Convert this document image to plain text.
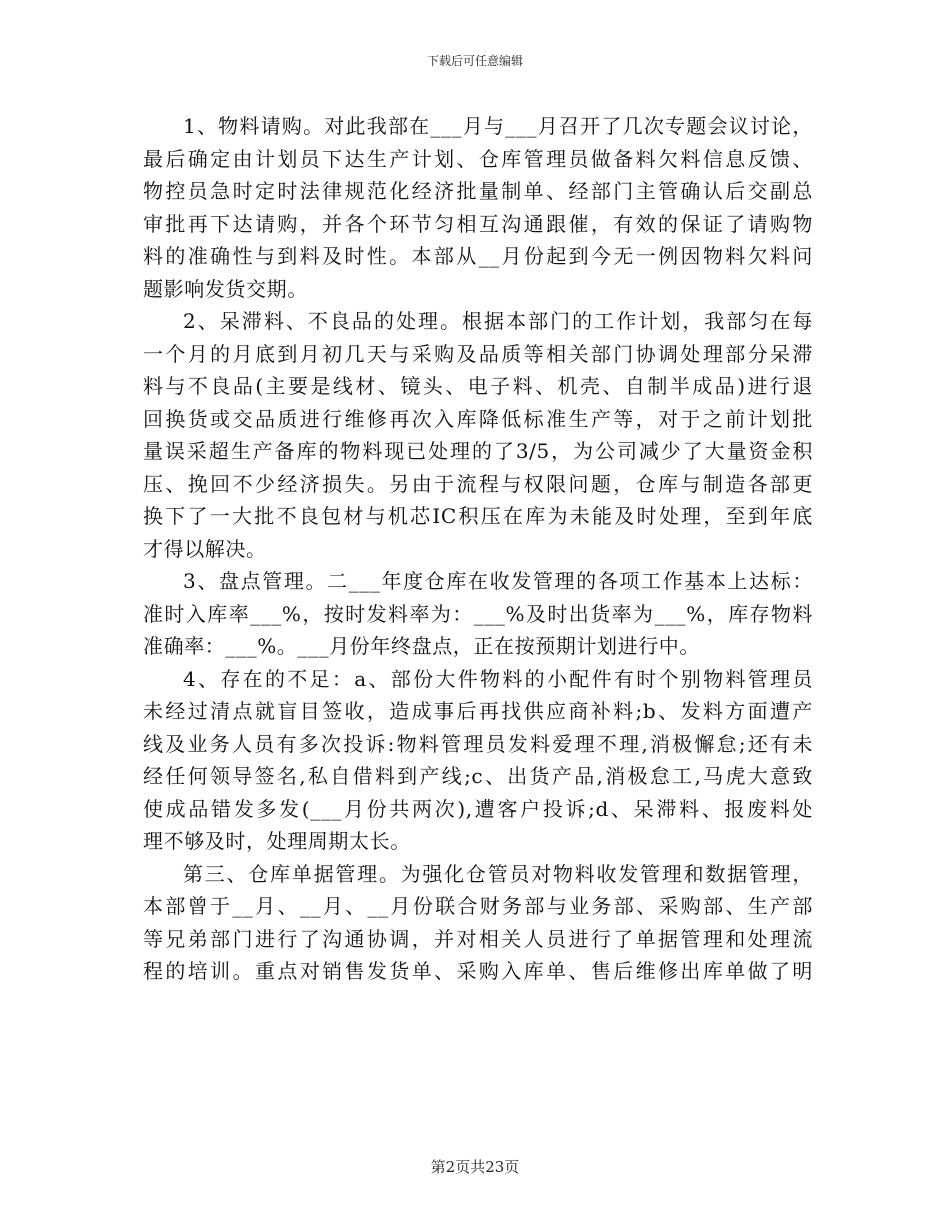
下载后可任意编辑
1、物料请购。对此我部在___月与___月召开了几次专题会议讨论，
最后确定由计划员下达生产计划、仓库管理员做备料欠料信息反馈、
物控员急时定时法律规范化经济批量制单、经部门主管确认后交副总
审批再下达请购，并各个环节匀相互沟通跟催，有效的保证了请购物
料的准确性与到料及时性。本部从__月份起到今无一例因物料欠料问
题影响发货交期。
2、呆滞料、不良品的处理。根据本部门的工作计划，我部匀在每
一个月的月底到月初几天与采购及品质等相关部门协调处理部分呆滞
料与不良品(主要是线材、镜头、电子料、机壳、自制半成品)进行退
回换货或交品质进行维修再次入库降低标准生产等，对于之前计划批
量误采超生产备库的物料现已处理的了3/5，为公司减少了大量资金积
压、挽回不少经济损失。另由于流程与权限问题，仓库与制造各部更
换下了一大批不良包材与机芯IC积压在库为未能及时处理，至到年底
才得以解决。
3、盘点管理。二___年度仓库在收发管理的各项工作基本上达标：
准时入库率___%，按时发料率为：___%及时出货率为___%，库存物料
准确率：___%。___月份年终盘点，正在按预期计划进行中。
4、存在的不足：a、部份大件物料的小配件有时个别物料管理员
未经过清点就盲目签收，造成事后再找供应商补料;b、发料方面遭产
线及业务人员有多次投诉:物料管理员发料爱理不理,消极懈怠;还有未
经任何领导签名,私自借料到产线;c、出货产品,消极怠工,马虎大意致
使成品错发多发(___月份共两次),遭客户投诉;d、呆滞料、报废料处
理不够及时，处理周期太长。
第三、仓库单据管理。为强化仓管员对物料收发管理和数据管理，
本部曾于__月、__月、__月份联合财务部与业务部、采购部、生产部
等兄弟部门进行了沟通协调，并对相关人员进行了单据管理和处理流
程的培训。重点对销售发货单、采购入库单、售后维修出库单做了明
第2页共23页
